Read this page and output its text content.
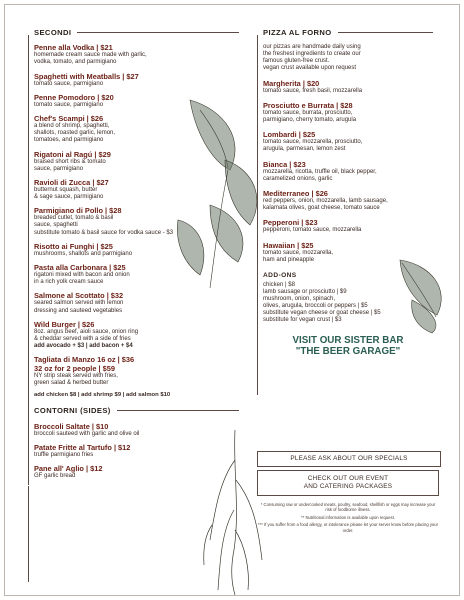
SECONDI
Penne alla Vodka | $21
homemade cream sauce made with garlic,
vodka, tomato, and parmigiano
Spaghetti with Meatballs | $27
tomato sauce, parmigiano
Penne Pomodoro | $20
tomato sauce, parmigiano
Chef's Scampi | $26
a blend of shrimp, spaghetti,
shallots, roasted garlic, lemon,
tomatoes, and parmigiano
Rigatoni al Ragú | $29
braised short ribs & tomato
sauce, parmigiano
Ravioli di Zucca | $27
butternut squash, butter
& sage sauce, parmigiano
Parmigiano di Pollo | $28
breaded cutlet, tomato & basil
sauce, spaghetti
substitute tomato & basil sauce for vodka sauce - $3
Risotto ai Funghi | $25
mushrooms, shallots and parmigiano
Pasta alla Carbonara | $25
rigatoni mixed with bacon and onion
in a rich yolk cream sauce
Salmone al Scottato | $32
seared salmon served with lemon
dressing and sauteed vegetables
Wild Burger | $26
8oz. angus beef, aioli sauce, onion ring
& cheddar served with a side of fries
add avocado + $3 | add bacon + $4
Tagliata di Manzo 16 oz | $36
32 oz for 2 people | $59
NY strip steak served with fries,
green salad & herbed butter
add chicken $8 | add shrimp $9 | add salmon $10
CONTORNI (SIDES)
Broccoli Saltate | $10
broccoli sauteed with garlic and olive oil
Patate Fritte al Tartufo | $12
truffle parmigiano fries
Pane all' Aglio | $12
GF garlic bread
PIZZA AL FORNO
our pizzas are handmade daily using
the freshest ingredients to create our
famous gluten-free crust.
vegan crust available upon request
Margherita | $20
tomato sauce, fresh basil, mozzarella
Prosciutto e Burrata | $28
tomato sauce, burrata, prosciutto,
parmigiano, cherry tomato, arugula
Lombardi | $25
tomato sauce, mozzarella, prosciutto,
arugula, parmesan, lemon zest
Bianca | $23
mozzarella, ricotta, truffle oil, black pepper,
caramelized onions, garlic
Mediterraneo | $26
red peppers, onion, mozzarella, lamb sausage,
kalamata olives, goat cheese, tomato sauce
Pepperoni | $23
pepperoni, tomato sauce, mozzarella
Hawaiian | $25
tomato sauce, mozzarella,
ham and pineapple
ADD-ONS
chicken | $8
lamb sausage or prosciutto | $9
mushroom, onion, spinach,
olives, arugula, broccoli or peppers | $5
substitute vegan cheese or goat cheese | $5
substitute for vegan crust | $3
VISIT OUR SISTER BAR
"THE BEER GARAGE"
PLEASE ASK ABOUT OUR SPECIALS
CHECK OUT OUR EVENT
AND CATERING PACKAGES

* Consuming raw or undercooked meats, poultry, seafood, shellfish or eggs may increase your risk of foodborne illness.

** Nutritional information is available upon request.

*** If you suffer from a food allergy, or intolerance please let your server know before placing your order.
